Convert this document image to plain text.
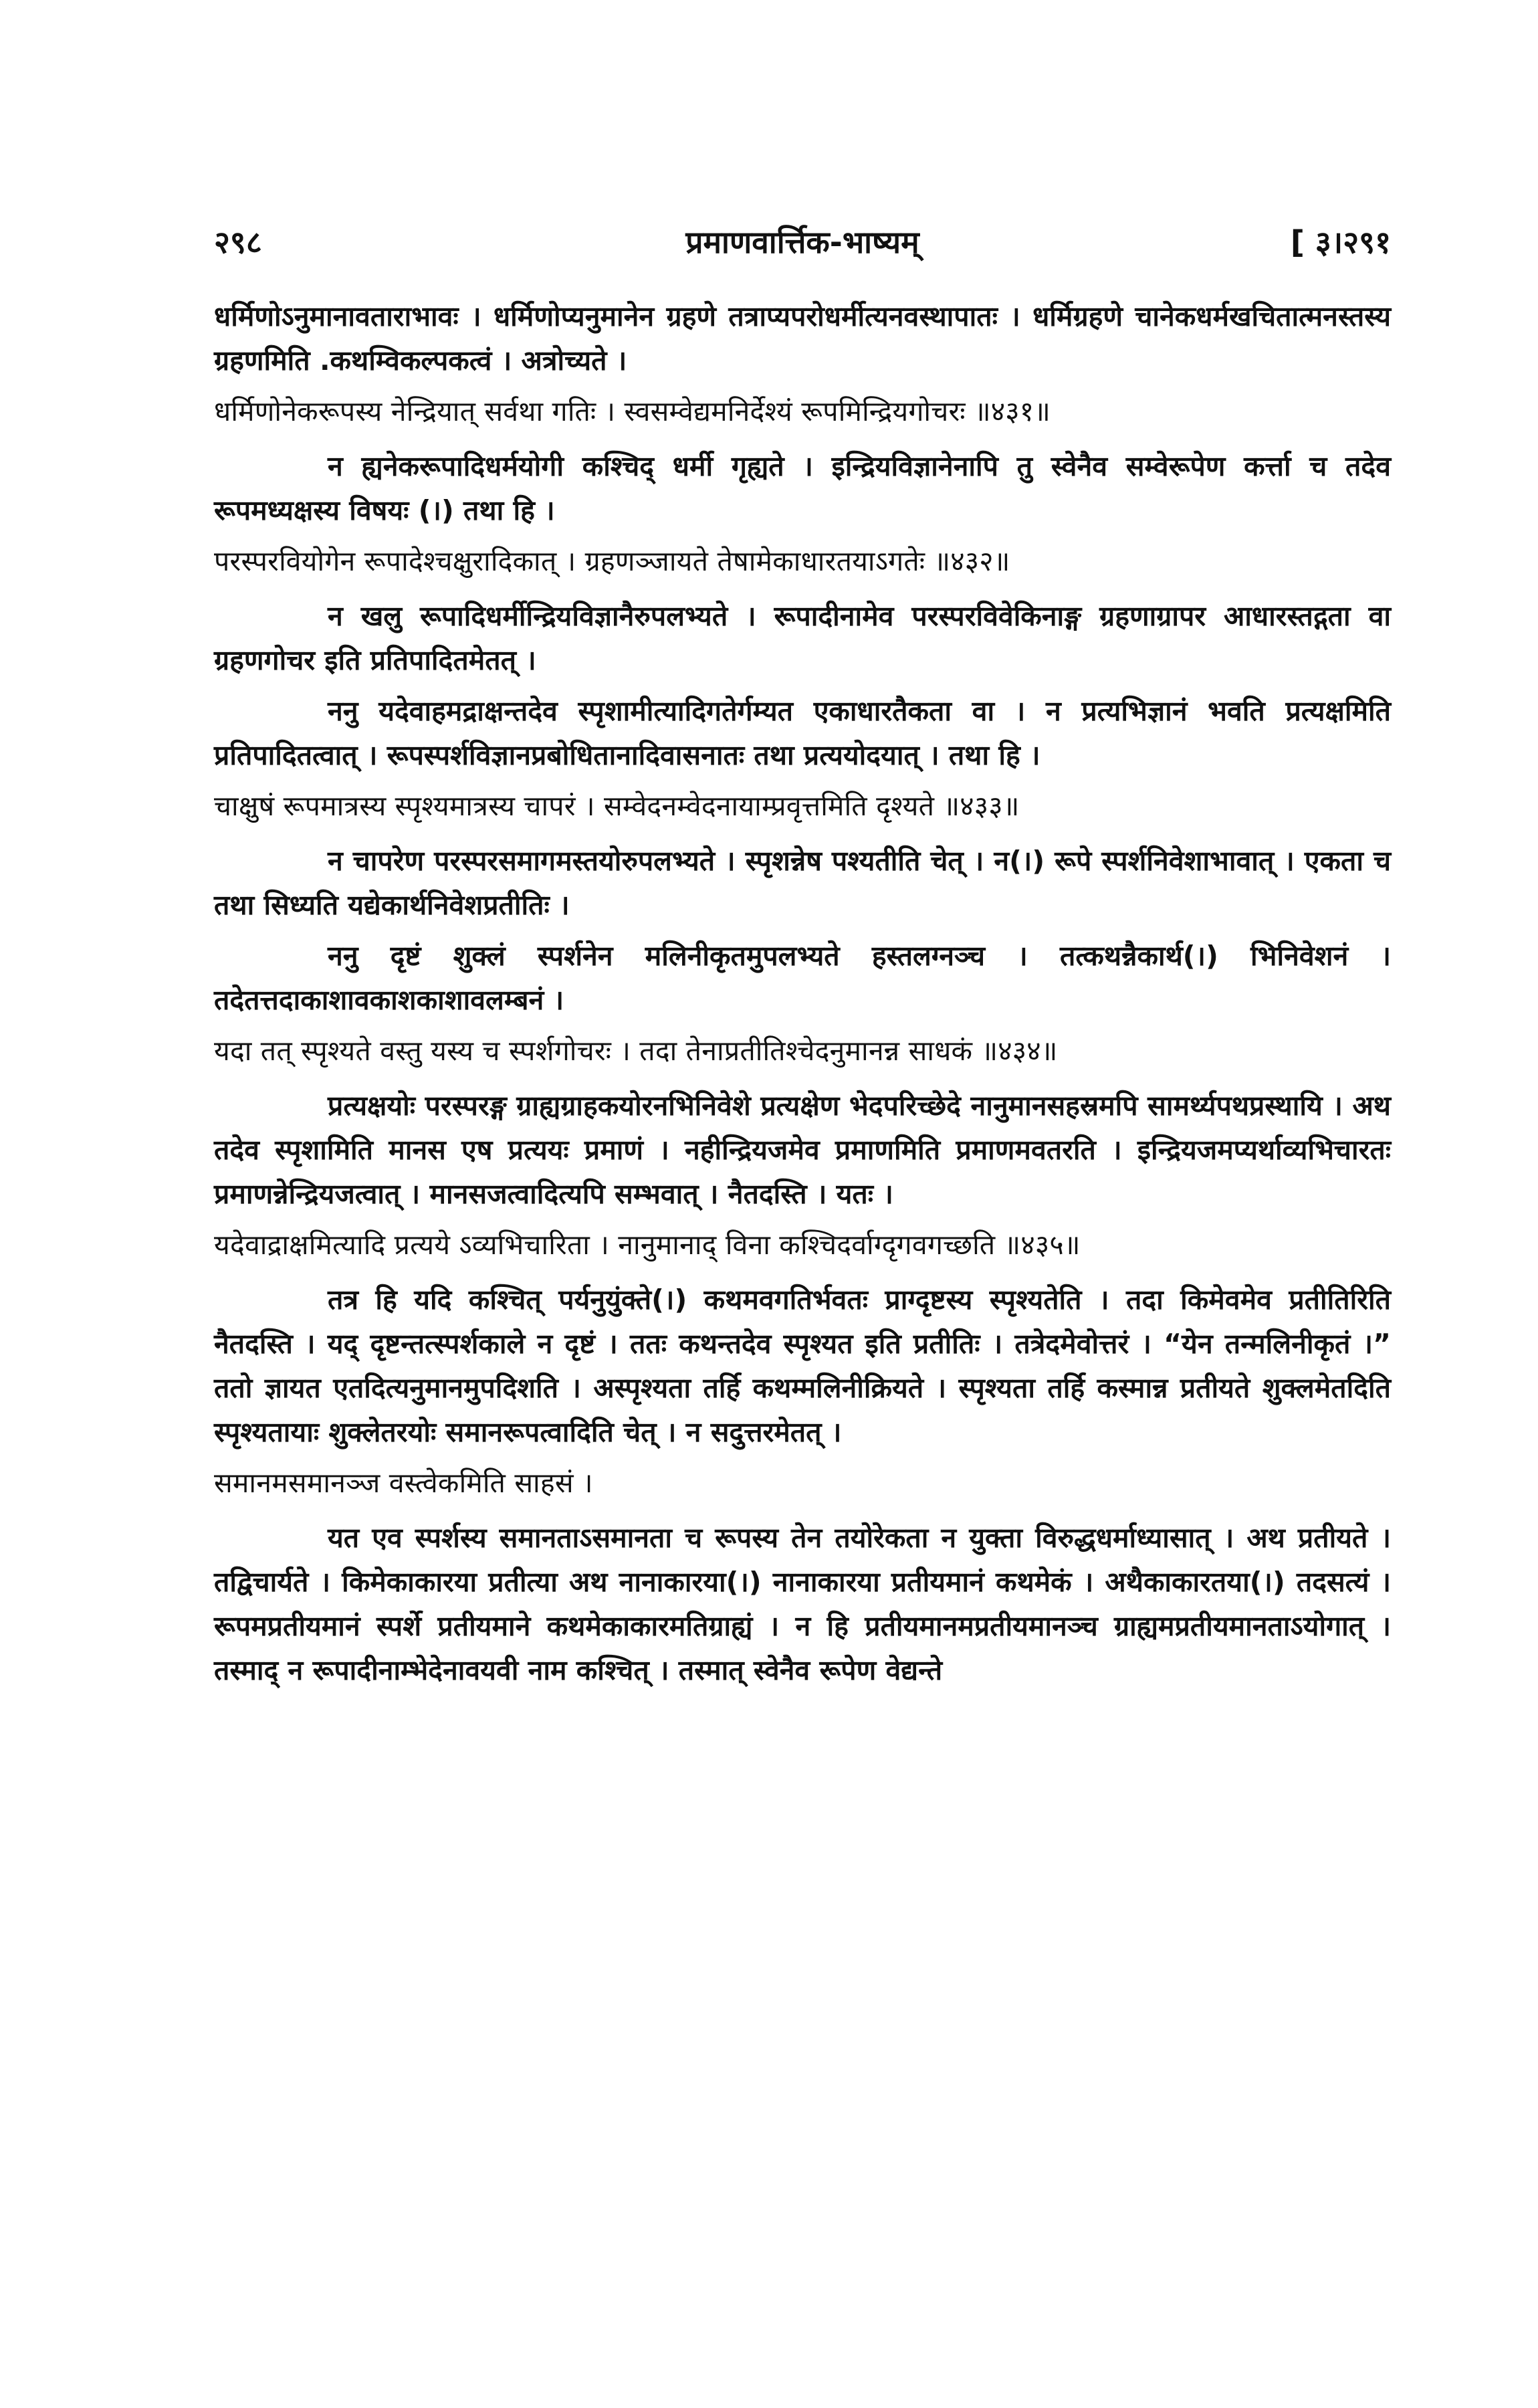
२९८	प्रमाणवार्त्तिक-भाष्यम्	[ ३।२९१

धर्मिणोऽनुमानावताराभावः । धर्मिणोप्यनुमानेन ग्रहणे तत्राप्यपरोधर्मीत्यनवस्थापातः । धर्मिग्रहणे चानेकधर्मखचितात्मनस्तस्य ग्रहणमिति .कथम्विकल्पकत्वं । अत्रोच्यते ।

धर्मिणोनेकरूपस्य नेन्द्रियात् सर्वथा गतिः । स्वसम्वेद्यमनिर्देश्यं रूपमिन्द्रियगोचरः ॥४३१॥

न ह्यनेकरूपादिधर्मयोगी कश्चिद् धर्मी गृह्यते । इन्द्रियविज्ञानेनापि तु स्वेनैव सम्वेरूपेण कर्त्ता च तदेव रूपमध्यक्षस्य विषयः (।) तथा हि ।

परस्परवियोगेन रूपादेश्चक्षुरादिकात् । ग्रहणञ्जायते तेषामेकाधारतयाऽगतेः ॥४३२॥

न खलु रूपादिधर्मीन्द्रियविज्ञानैरुपलभ्यते । रूपादीनामेव परस्परविवेकिनाङ्ग ग्रहणाग्रापर आधारस्तद्गता वा ग्रहणगोचर इति प्रतिपादितमेतत् ।

ननु यदेवाहमद्राक्षन्तदेव स्पृशामीत्यादिगतेर्गम्यत एकाधारतैकता वा । न प्रत्यभिज्ञानं भवति प्रत्यक्षमिति प्रतिपादितत्वात् । रूपस्पर्शविज्ञानप्रबोधितानादिवासनातः तथा प्रत्ययोदयात् । तथा हि ।

चाक्षुषं रूपमात्रस्य स्पृश्यमात्रस्य चापरं । सम्वेदनम्वेदनायाम्प्रवृत्तमिति दृश्यते ॥४३३॥

न चापरेण परस्परसमागमस्तयोरुपलभ्यते । स्पृशन्नेष पश्यतीति चेत् । न(।) रूपे स्पर्शनिवेशाभावात् । एकता च तथा सिध्यति यद्येकार्थनिवेशप्रतीतिः ।

ननु दृष्टं शुक्लं स्पर्शनेन मलिनीकृतमुपलभ्यते हस्तलग्नञ्च । तत्कथन्नैकार्थ(।) भिनिवेशनं । तदेतत्तदाकाशावकाशकाशावलम्बनं ।

यदा तत् स्पृश्यते वस्तु यस्य च स्पर्शगोचरः । तदा तेनाप्रतीतिश्चेदनुमानन्न साधकं ॥४३४॥

प्रत्यक्षयोः परस्परङ्ग ग्राह्यग्राहकयोरनभिनिवेशे प्रत्यक्षेण भेदपरिच्छेदे नानुमानसहस्रमपि सामर्थ्यपथप्रस्थायि । अथ तदेव स्पृशामिति मानस एष प्रत्ययः प्रमाणं । नहीन्द्रियजमेव प्रमाणमिति प्रमाणमवतरति । इन्द्रियजमप्यर्थाव्यभिचारतः प्रमाणन्नेन्द्रियजत्वात् । मानसजत्वादित्यपि सम्भवात् । नैतदस्ति । यतः ।

यदेवाद्राक्षमित्यादि प्रत्यये ऽव्यभिचारिता । नानुमानाद् विना कश्चिदर्वाग्दृगवगच्छति ॥४३५॥

तत्र हि यदि कश्चित् पर्यनुयुंक्ते(।) कथमवगतिर्भवतः प्राग्दृष्टस्य स्पृश्यतेति । तदा किमेवमेव प्रतीतिरिति नैतदस्ति । यद् दृष्टन्तत्स्पर्शकाले न दृष्टं । ततः कथन्तदेव स्पृश्यत इति प्रतीतिः । तत्रेदमेवोत्तरं । “येन तन्मलिनीकृतं ।” ततो ज्ञायत एतदित्यनुमानमुपदिशति । अस्पृश्यता तर्हि कथम्मलिनीक्रियते । स्पृश्यता तर्हि कस्मान्न प्रतीयते शुक्लमेतदिति स्पृश्यतायाः शुक्लेतरयोः समानरूपत्वादिति चेत् । न सदुत्तरमेतत् ।

समानमसमानञ्ज वस्त्वेकमिति साहसं ।

यत एव स्पर्शस्य समानताऽसमानता च रूपस्य तेन तयोरेकता न युक्ता विरुद्धधर्माध्यासात् । अथ प्रतीयते । तद्विचार्यते । किमेकाकारया प्रतीत्या अथ नानाकारया(।) नानाकारया प्रतीयमानं कथमेकं । अथैकाकारतया(।) तदसत्यं । रूपमप्रतीयमानं स्पर्शे प्रतीयमाने कथमेकाकारमतिग्राह्यं । न हि प्रतीयमानमप्रतीयमानञ्च ग्राह्यमप्रतीयमानताऽयोगात् । तस्माद् न रूपादीनाम्भेदेनावयवी नाम कश्चित् । तस्मात् स्वेनैव रूपेण वेद्यन्ते
